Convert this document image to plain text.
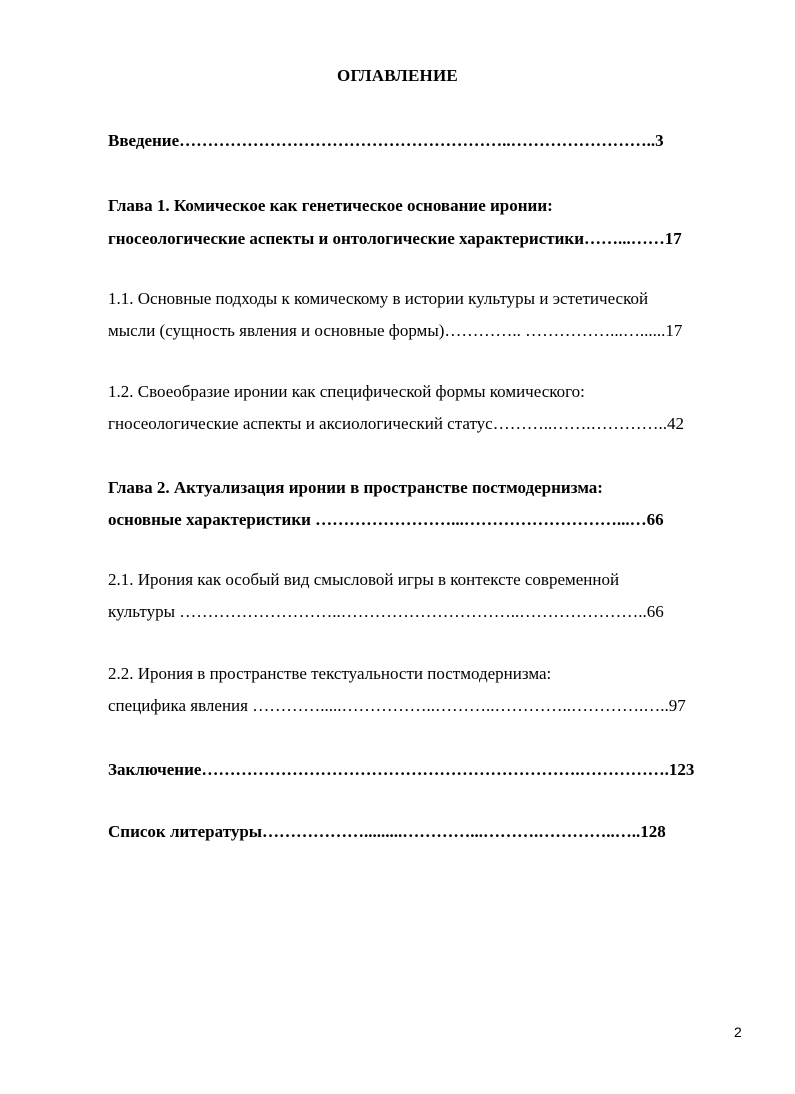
ОГЛАВЛЕНИЕ
Введение…………………………………………………..……………………..3
Глава 1. Комическое как генетическое основание иронии:
гносеологические аспекты и онтологические характеристики……...……17
1.1. Основные подходы к комическому в истории культуры и эстетической
мысли (сущность явления и основные формы)………….. ……………...…......17
1.2. Своеобразие иронии как специфической формы комического:
гносеологические аспекты и аксиологический статус………..…….…………..42
Глава 2. Актуализация иронии в пространстве постмодернизма:
основные характеристики ……………………...………………………...…66
2.1. Ирония как особый вид смысловой игры в контексте современной
культуры ………………………..…………………………..…………………..66
2.2. Ирония в пространстве текстуальности постмодернизма:
специфика явления ………….....……………..………..…………..………….…..97
Заключение………………………………………………………….…………….123
Список литературы……………….........…………...……….…………..…..128
2
